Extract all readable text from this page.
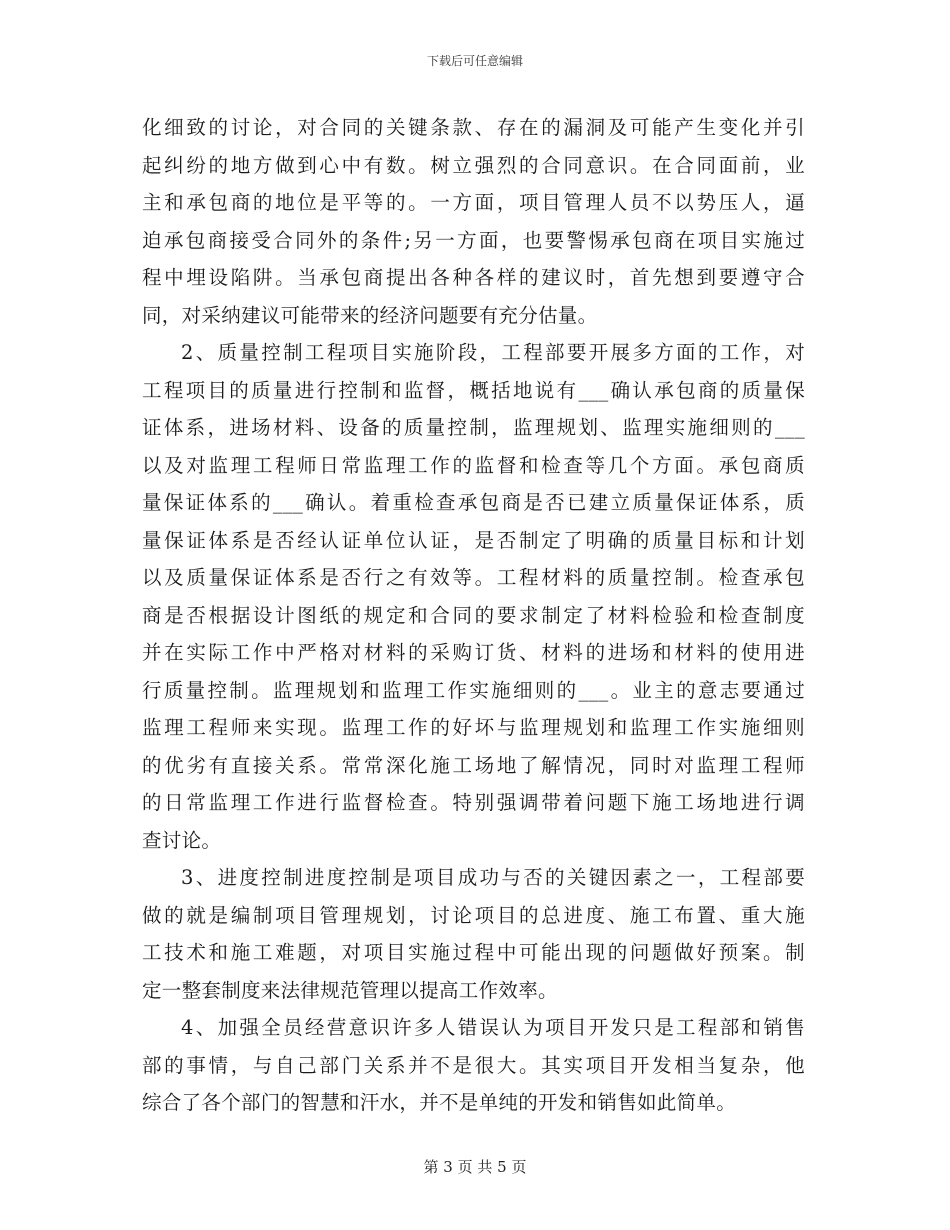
下载后可任意编辑
化细致的讨论，对合同的关键条款、存在的漏洞及可能产生变化并引
起纠纷的地方做到心中有数。树立强烈的合同意识。在合同面前，业
主和承包商的地位是平等的。一方面，项目管理人员不以势压人，逼
迫承包商接受合同外的条件;另一方面，也要警惕承包商在项目实施过
程中埋设陷阱。当承包商提出各种各样的建议时，首先想到要遵守合
同，对采纳建议可能带来的经济问题要有充分估量。
2、质量控制工程项目实施阶段，工程部要开展多方面的工作，对
工程项目的质量进行控制和监督，概括地说有___确认承包商的质量保
证体系，进场材料、设备的质量控制，监理规划、监理实施细则的___
以及对监理工程师日常监理工作的监督和检查等几个方面。承包商质
量保证体系的___确认。着重检查承包商是否已建立质量保证体系，质
量保证体系是否经认证单位认证，是否制定了明确的质量目标和计划
以及质量保证体系是否行之有效等。工程材料的质量控制。检查承包
商是否根据设计图纸的规定和合同的要求制定了材料检验和检查制度
并在实际工作中严格对材料的采购订货、材料的进场和材料的使用进
行质量控制。监理规划和监理工作实施细则的___。业主的意志要通过
监理工程师来实现。监理工作的好坏与监理规划和监理工作实施细则
的优劣有直接关系。常常深化施工场地了解情况，同时对监理工程师
的日常监理工作进行监督检查。特别强调带着问题下施工场地进行调
查讨论。
3、进度控制进度控制是项目成功与否的关键因素之一，工程部要
做的就是编制项目管理规划，讨论项目的总进度、施工布置、重大施
工技术和施工难题，对项目实施过程中可能出现的问题做好预案。制
定一整套制度来法律规范管理以提高工作效率。
4、加强全员经营意识许多人错误认为项目开发只是工程部和销售
部的事情，与自己部门关系并不是很大。其实项目开发相当复杂，他
综合了各个部门的智慧和汗水，并不是单纯的开发和销售如此简单。
第 3 页 共 5 页
